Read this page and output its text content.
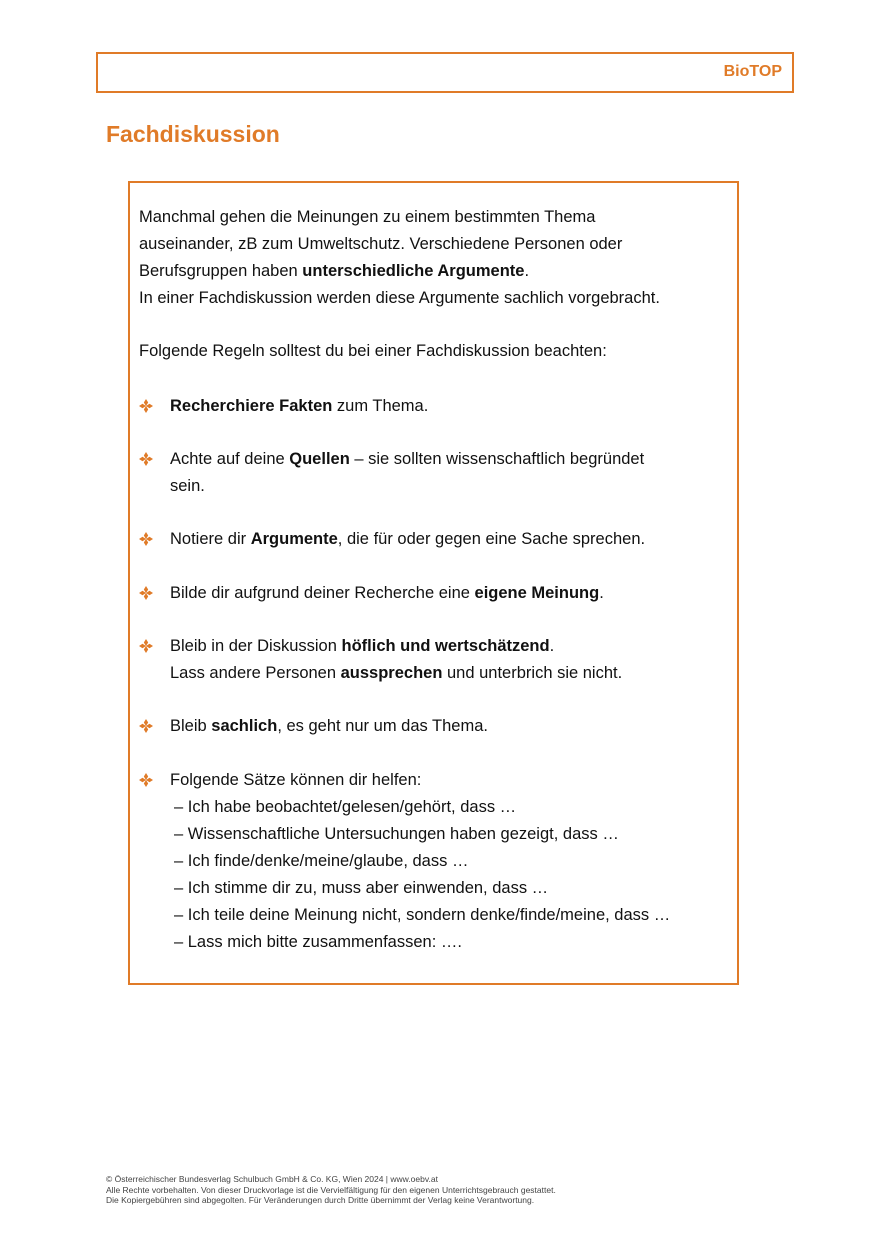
BioTOP
Fachdiskussion

Manchmal gehen die Meinungen zu einem bestimmten Thema

auseinander, zB zum Umweltschutz. Verschiedene Personen oder

Berufsgruppen haben unterschiedliche Argumente.

In einer Fachdiskussion werden diese Argumente sachlich vorgebracht.

Folgende Regeln solltest du bei einer Fachdiskussion beachten:

Recherchiere Fakten zum Thema.
Achte auf deine Quellen – sie sollten wissenschaftlich begründet
sein.
Notiere dir Argumente, die für oder gegen eine Sache sprechen.
Bilde dir aufgrund deiner Recherche eine eigene Meinung.
Bleib in der Diskussion höflich und wertschätzend.
Lass andere Personen aussprechen und unterbrich sie nicht.
Bleib sachlich, es geht nur um das Thema.
Folgende Sätze können dir helfen:
– Ich habe beobachtet/gelesen/gehört, dass …
– Wissenschaftliche Untersuchungen haben gezeigt, dass …
– Ich finde/denke/meine/glaube, dass …
– Ich stimme dir zu, muss aber einwenden, dass …
– Ich teile deine Meinung nicht, sondern denke/finde/meine, dass …
– Lass mich bitte zusammenfassen: ….
© Österreichischer Bundesverlag Schulbuch GmbH & Co. KG, Wien 2024 | www.oebv.at
Alle Rechte vorbehalten. Von dieser Druckvorlage ist die Vervielfältigung für den eigenen Unterrichtsgebrauch gestattet.
Die Kopiergebühren sind abgegolten. Für Veränderungen durch Dritte übernimmt der Verlag keine Verantwortung.
